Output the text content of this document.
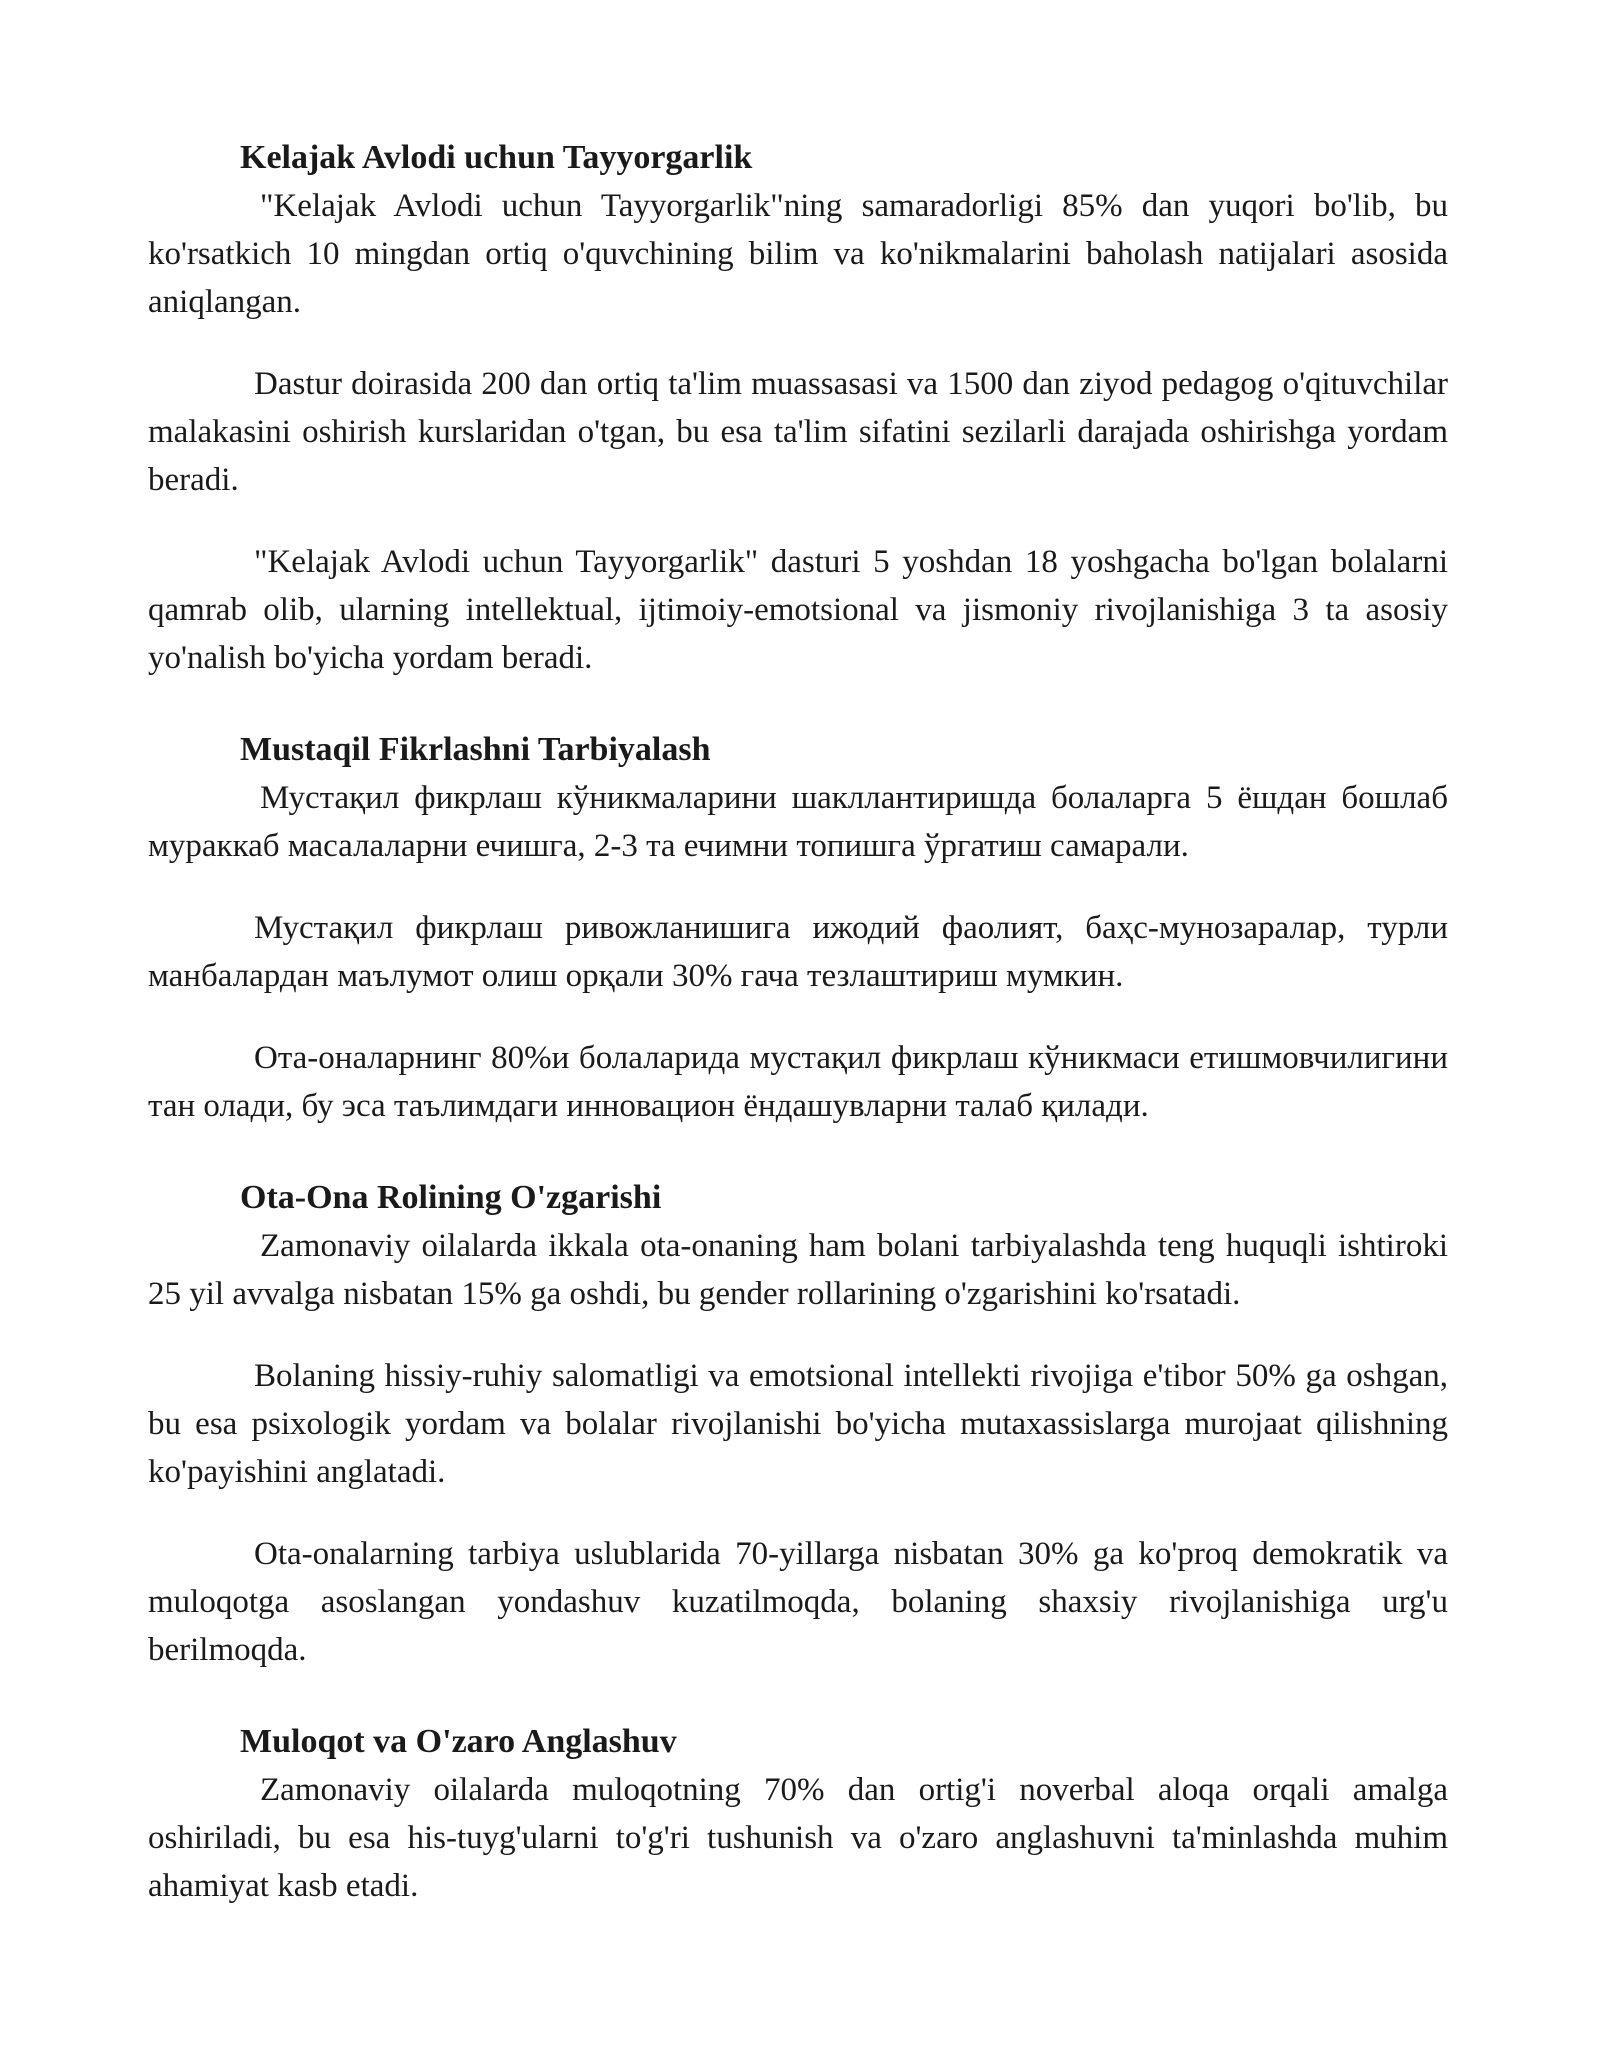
Kelajak Avlodi uchun Tayyorgarlik

"Kelajak Avlodi uchun Tayyorgarlik"ning samaradorligi 85% dan yuqori bo'lib, bu ko'rsatkich 10 mingdan ortiq o'quvchining bilim va ko'nikmalarini baholash natijalari asosida aniqlangan.

Dastur doirasida 200 dan ortiq ta'lim muassasasi va 1500 dan ziyod pedagog o'qituvchilar malakasini oshirish kurslaridan o'tgan, bu esa ta'lim sifatini sezilarli darajada oshirishga yordam beradi.

"Kelajak Avlodi uchun Tayyorgarlik" dasturi 5 yoshdan 18 yoshgacha bo'lgan bolalarni qamrab olib, ularning intellektual, ijtimoiy-emotsional va jismoniy rivojlanishiga 3 ta asosiy yo'nalish bo'yicha yordam beradi.

Mustaqil Fikrlashni Tarbiyalash

Мустақил фикрлаш кўникмаларини шакллантиришда болаларга 5 ёшдан бошлаб мураккаб масалаларни ечишга, 2-3 та ечимни топишга ўргатиш самарали.

Мустақил фикрлаш ривожланишига ижодий фаолият, баҳс-мунозаралар, турли манбалардан маълумот олиш орқали 30% гача тезлаштириш мумкин.

Ота-оналарнинг 80%и болаларида мустақил фикрлаш кўникмаси етишмовчилигини тан олади, бу эса таълимдаги инновацион ёндашувларни талаб қилади.

Ota-Ona Rolining O'zgarishi

Zamonaviy oilalarda ikkala ota-onaning ham bolani tarbiyalashda teng huquqli ishtiroki 25 yil avvalga nisbatan 15% ga oshdi, bu gender rollarining o'zgarishini ko'rsatadi.

Bolaning hissiy-ruhiy salomatligi va emotsional intellekti rivojiga e'tibor 50% ga oshgan, bu esa psixologik yordam va bolalar rivojlanishi bo'yicha mutaxassislarga murojaat qilishning ko'payishini anglatadi.

Ota-onalarning tarbiya uslublarida 70-yillarga nisbatan 30% ga ko'proq demokratik va muloqotga asoslangan yondashuv kuzatilmoqda, bolaning shaxsiy rivojlanishiga urg'u berilmoqda.

Muloqot va O'zaro Anglashuv

Zamonaviy oilalarda muloqotning 70% dan ortig'i noverbal aloqa orqali amalga oshiriladi, bu esa his-tuyg'ularni to'g'ri tushunish va o'zaro anglashuvni ta'minlashda muhim ahamiyat kasb etadi.
